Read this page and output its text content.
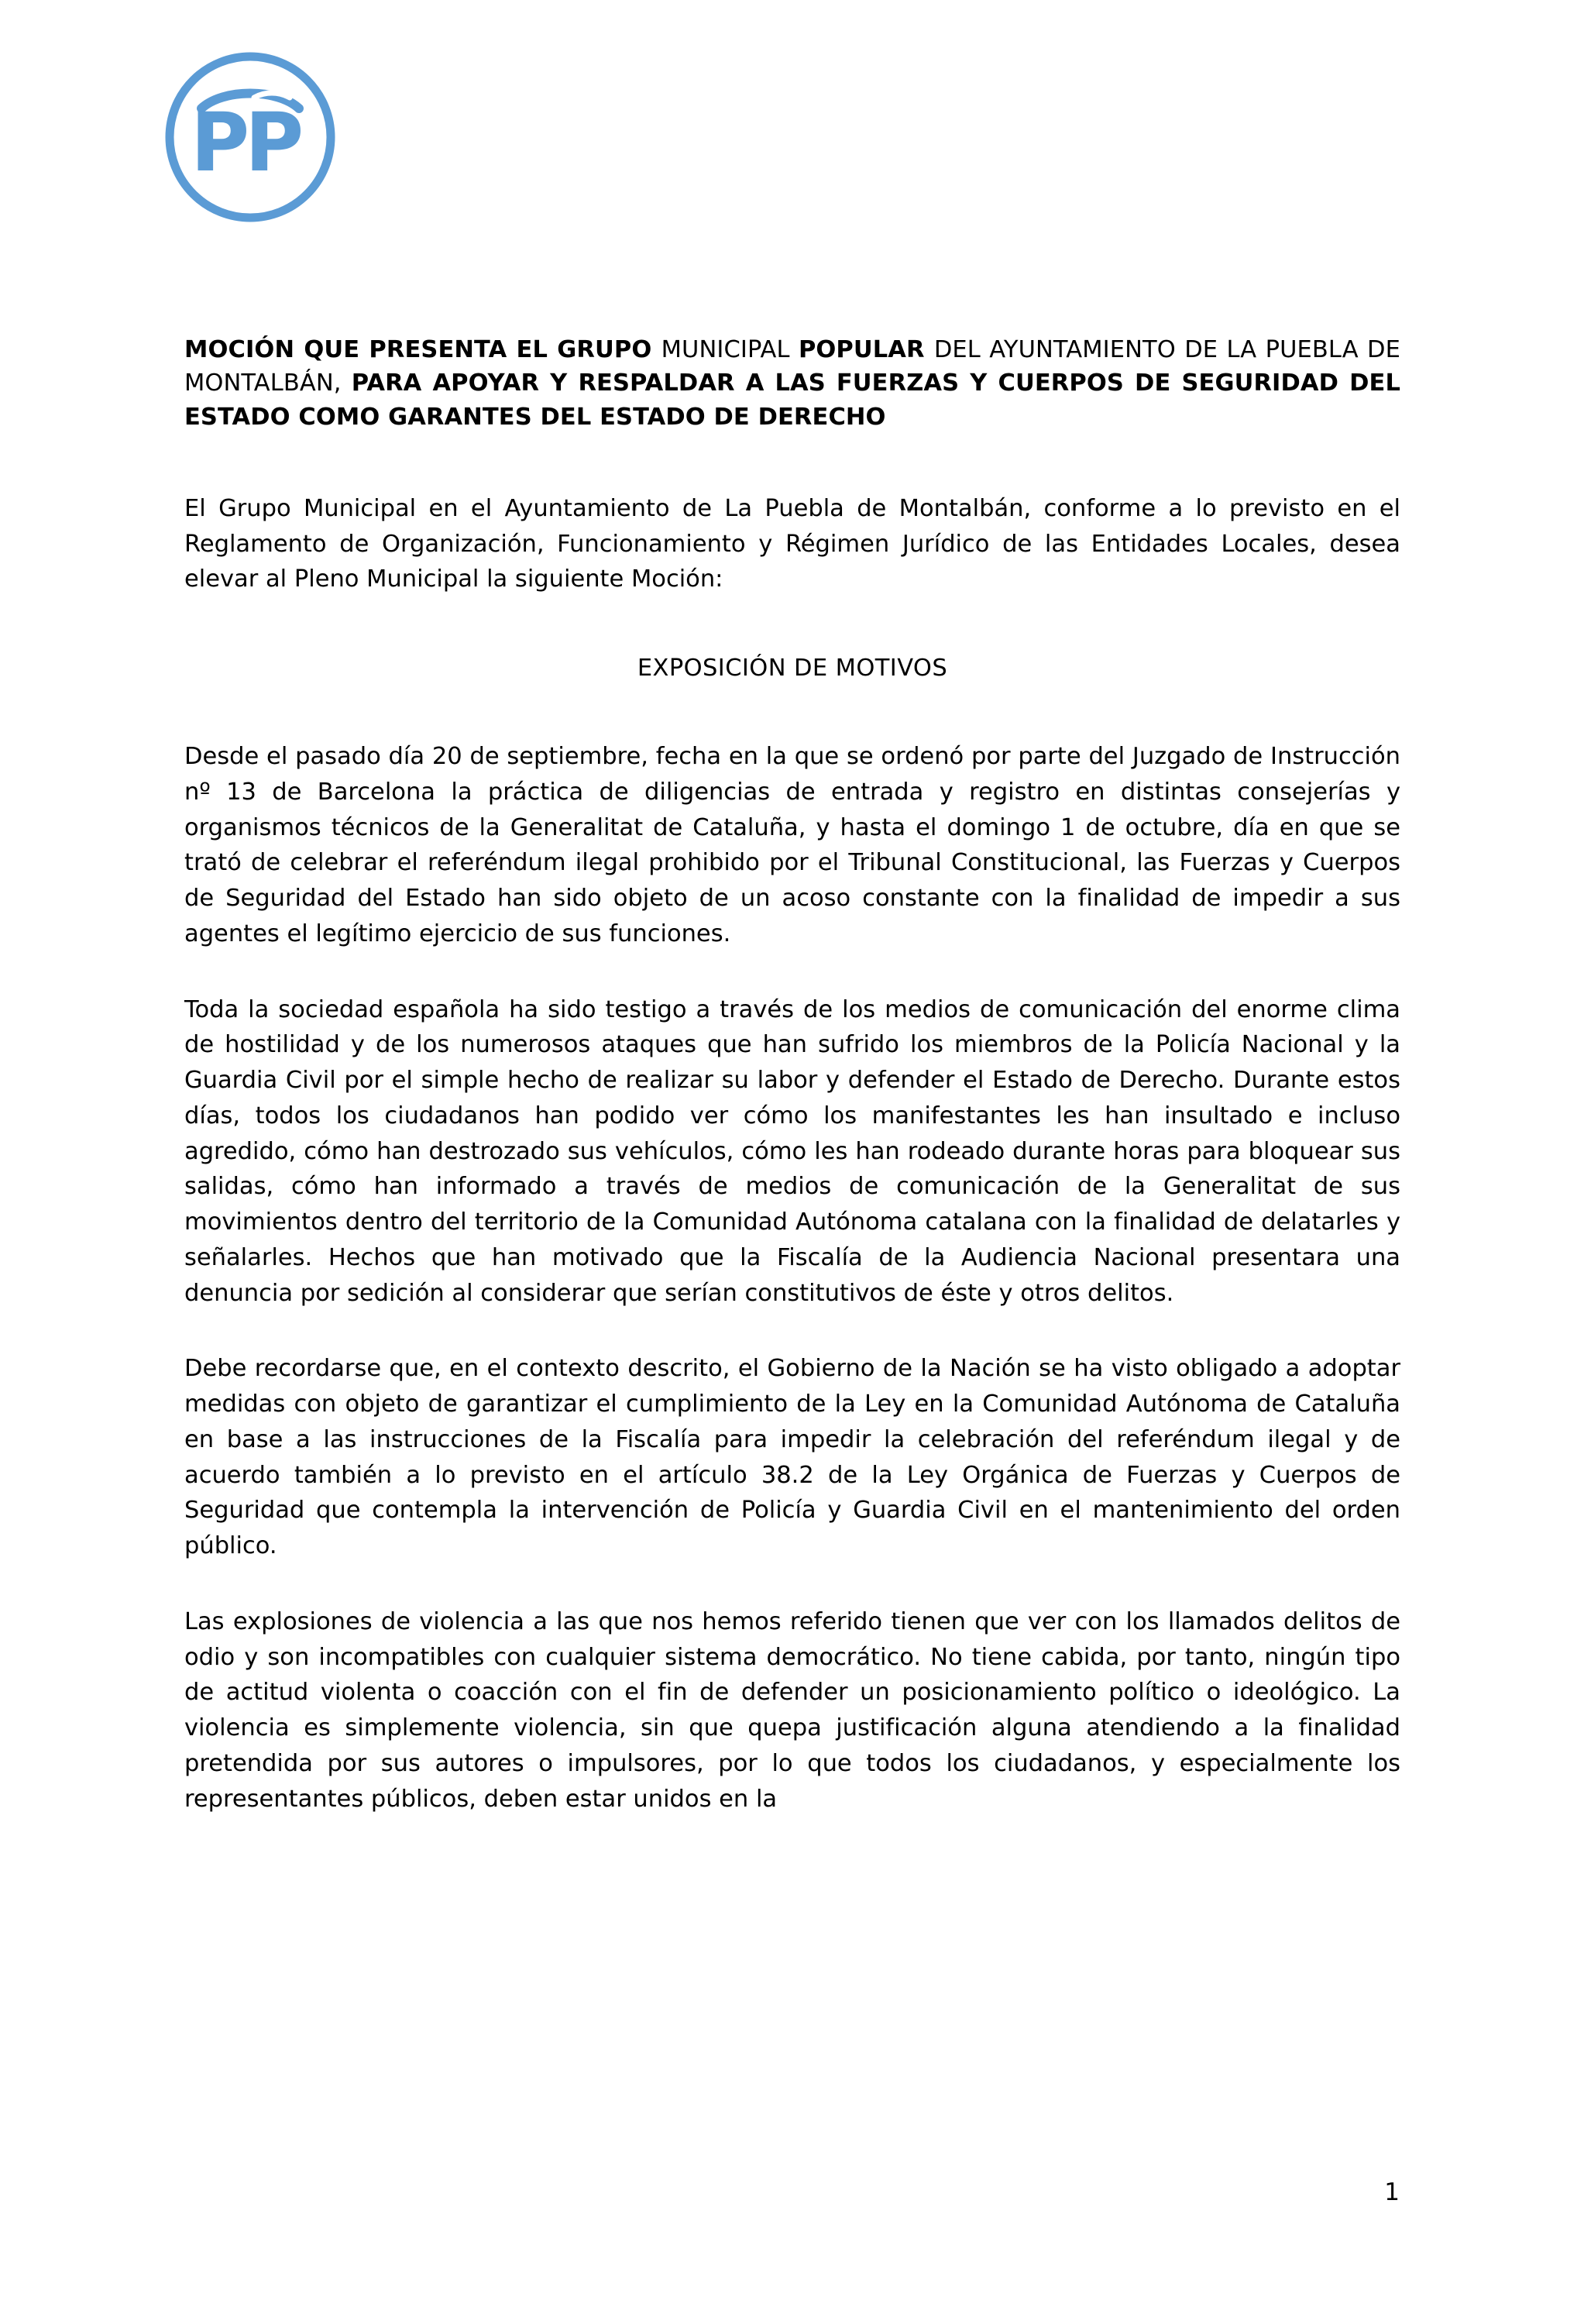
P
P
MOCIÓN QUE PRESENTA EL GRUPO MUNICIPAL POPULAR DEL AYUNTAMIENTO DE LA PUEBLA DE MONTALBÁN, PARA APOYAR Y RESPALDAR A LAS FUERZAS Y CUERPOS DE SEGURIDAD DEL ESTADO COMO GARANTES DEL ESTADO DE DERECHO
El Grupo Municipal en el Ayuntamiento de La Puebla de Montalbán, conforme a lo previsto en el Reglamento de Organización, Funcionamiento y Régimen Jurídico de las Entidades Locales, desea elevar al Pleno Municipal la siguiente Moción:
EXPOSICIÓN DE MOTIVOS
Desde el pasado día 20 de septiembre, fecha en la que se ordenó por parte del Juzgado de Instrucción nº 13 de Barcelona la práctica de diligencias de entrada y registro en distintas consejerías y organismos técnicos de la Generalitat de Cataluña, y hasta el domingo 1 de octubre, día en que se trató de celebrar el referéndum ilegal prohibido por el Tribunal Constitucional, las Fuerzas y Cuerpos de Seguridad del Estado han sido objeto de un acoso constante con la finalidad de impedir a sus agentes el legítimo ejercicio de sus funciones.
Toda la sociedad española ha sido testigo a través de los medios de comunicación del enorme clima de hostilidad y de los numerosos ataques que han sufrido los miembros de la Policía Nacional y la Guardia Civil por el simple hecho de realizar su labor y defender el Estado de Derecho. Durante estos días, todos los ciudadanos han podido ver cómo los manifestantes les han insultado e incluso agredido, cómo han destrozado sus vehículos, cómo les han rodeado durante horas para bloquear sus salidas, cómo han informado a través de medios de comunicación de la Generalitat de sus movimientos dentro del territorio de la Comunidad Autónoma catalana con la finalidad de delatarles y señalarles. Hechos que han motivado que la Fiscalía de la Audiencia Nacional presentara una denuncia por sedición al considerar que serían constitutivos de éste y otros delitos.
Debe recordarse que, en el contexto descrito, el Gobierno de la Nación se ha visto obligado a adoptar medidas con objeto de garantizar el cumplimiento de la Ley en la Comunidad Autónoma de Cataluña en base a las instrucciones de la Fiscalía para impedir la celebración del referéndum ilegal y de acuerdo también a lo previsto en el artículo 38.2 de la Ley Orgánica de Fuerzas y Cuerpos de Seguridad que contempla la intervención de Policía y Guardia Civil en el mantenimiento del orden público.
Las explosiones de violencia a las que nos hemos referido tienen que ver con los llamados delitos de odio y son incompatibles con cualquier sistema democrático. No tiene cabida, por tanto, ningún tipo de actitud violenta o coacción con el fin de defender un posicionamiento político o ideológico. La violencia es simplemente violencia, sin que quepa justificación alguna atendiendo a la finalidad pretendida por sus autores o impulsores, por lo que todos los ciudadanos, y especialmente los representantes públicos, deben estar unidos en la
1
